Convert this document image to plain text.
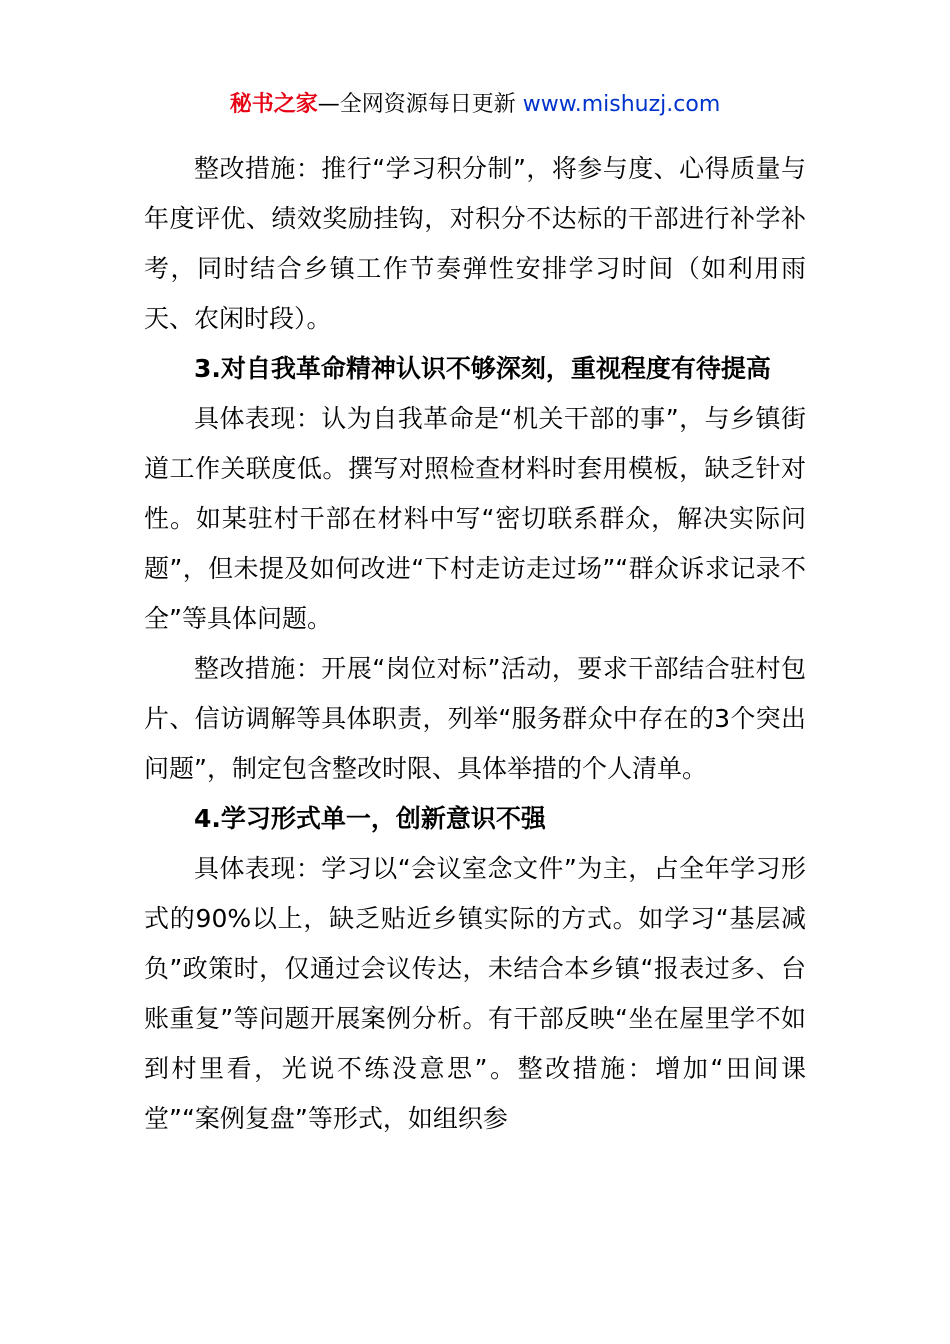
秘书之家—全网资源每日更新 www.mishuzj.com

整改措施：推行“学习积分制”，将参与度、心得质量与年度评优、绩效奖励挂钩，对积分不达标的干部进行补学补考，同时结合乡镇工作节奏弹性安排学习时间（如利用雨天、农闲时段）。

3.对自我革命精神认识不够深刻，重视程度有待提高

具体表现：认为自我革命是“机关干部的事”，与乡镇街道工作关联度低。撰写对照检查材料时套用模板，缺乏针对性。如某驻村干部在材料中写“密切联系群众，解决实际问题”，但未提及如何改进“下村走访走过场”“群众诉求记录不全”等具体问题。

整改措施：开展“岗位对标”活动，要求干部结合驻村包片、信访调解等具体职责，列举“服务群众中存在的3个突出问题”，制定包含整改时限、具体举措的个人清单。

4.学习形式单一，创新意识不强

具体表现：学习以“会议室念文件”为主，占全年学习形式的90%以上，缺乏贴近乡镇实际的方式。如学习“基层减负”政策时，仅通过会议传达，未结合本乡镇“报表过多、台账重复”等问题开展案例分析。有干部反映“坐在屋里学不如到村里看，光说不练没意思”。整改措施：增加“田间课堂”“案例复盘”等形式，如组织参
